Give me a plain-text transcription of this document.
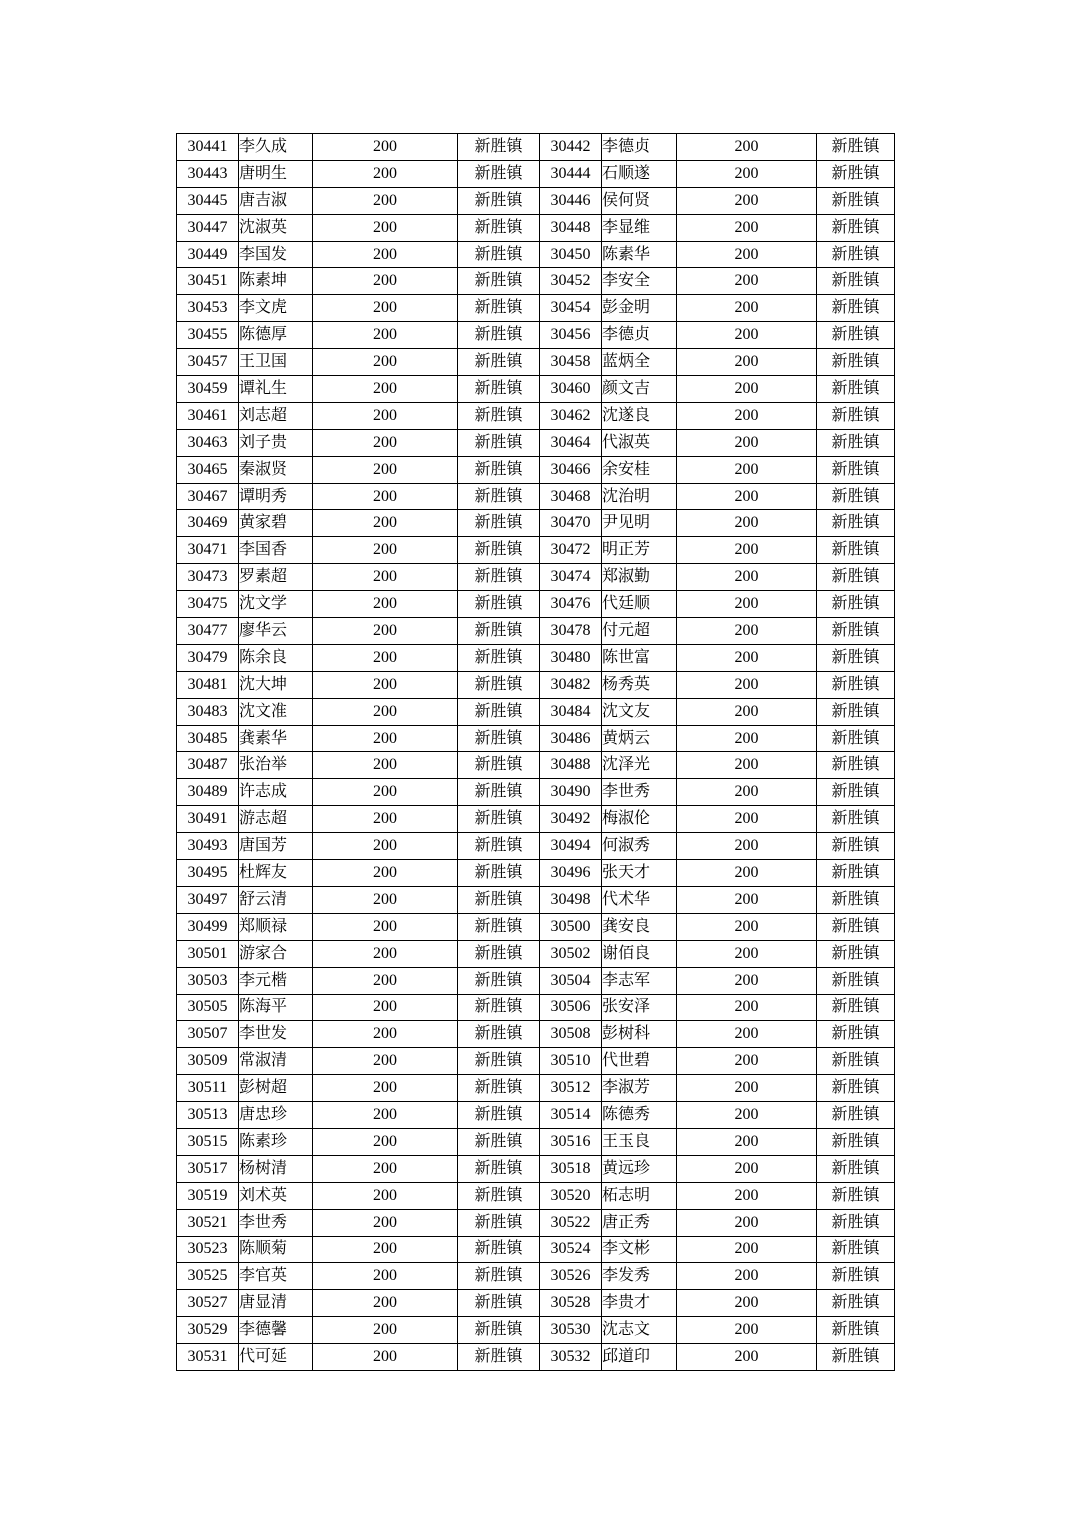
30441	李久成	200	新胜镇	30442	李德贞	200	新胜镇
30443	唐明生	200	新胜镇	30444	石顺遂	200	新胜镇
30445	唐吉淑	200	新胜镇	30446	侯何贤	200	新胜镇
30447	沈淑英	200	新胜镇	30448	李显维	200	新胜镇
30449	李国发	200	新胜镇	30450	陈素华	200	新胜镇
30451	陈素坤	200	新胜镇	30452	李安全	200	新胜镇
30453	李文虎	200	新胜镇	30454	彭金明	200	新胜镇
30455	陈德厚	200	新胜镇	30456	李德贞	200	新胜镇
30457	王卫国	200	新胜镇	30458	蓝炳全	200	新胜镇
30459	谭礼生	200	新胜镇	30460	颜文吉	200	新胜镇
30461	刘志超	200	新胜镇	30462	沈遂良	200	新胜镇
30463	刘子贵	200	新胜镇	30464	代淑英	200	新胜镇
30465	秦淑贤	200	新胜镇	30466	余安桂	200	新胜镇
30467	谭明秀	200	新胜镇	30468	沈治明	200	新胜镇
30469	黄家碧	200	新胜镇	30470	尹见明	200	新胜镇
30471	李国香	200	新胜镇	30472	明正芳	200	新胜镇
30473	罗素超	200	新胜镇	30474	郑淑勤	200	新胜镇
30475	沈文学	200	新胜镇	30476	代廷顺	200	新胜镇
30477	廖华云	200	新胜镇	30478	付元超	200	新胜镇
30479	陈余良	200	新胜镇	30480	陈世富	200	新胜镇
30481	沈大坤	200	新胜镇	30482	杨秀英	200	新胜镇
30483	沈文准	200	新胜镇	30484	沈文友	200	新胜镇
30485	龚素华	200	新胜镇	30486	黄炳云	200	新胜镇
30487	张治举	200	新胜镇	30488	沈泽光	200	新胜镇
30489	许志成	200	新胜镇	30490	李世秀	200	新胜镇
30491	游志超	200	新胜镇	30492	梅淑伦	200	新胜镇
30493	唐国芳	200	新胜镇	30494	何淑秀	200	新胜镇
30495	杜辉友	200	新胜镇	30496	张天才	200	新胜镇
30497	舒云清	200	新胜镇	30498	代术华	200	新胜镇
30499	郑顺禄	200	新胜镇	30500	龚安良	200	新胜镇
30501	游家合	200	新胜镇	30502	谢佰良	200	新胜镇
30503	李元楷	200	新胜镇	30504	李志军	200	新胜镇
30505	陈海平	200	新胜镇	30506	张安泽	200	新胜镇
30507	李世发	200	新胜镇	30508	彭树科	200	新胜镇
30509	常淑清	200	新胜镇	30510	代世碧	200	新胜镇
30511	彭树超	200	新胜镇	30512	李淑芳	200	新胜镇
30513	唐忠珍	200	新胜镇	30514	陈德秀	200	新胜镇
30515	陈素珍	200	新胜镇	30516	王玉良	200	新胜镇
30517	杨树清	200	新胜镇	30518	黄远珍	200	新胜镇
30519	刘术英	200	新胜镇	30520	柘志明	200	新胜镇
30521	李世秀	200	新胜镇	30522	唐正秀	200	新胜镇
30523	陈顺菊	200	新胜镇	30524	李文彬	200	新胜镇
30525	李官英	200	新胜镇	30526	李发秀	200	新胜镇
30527	唐显清	200	新胜镇	30528	李贵才	200	新胜镇
30529	李德馨	200	新胜镇	30530	沈志文	200	新胜镇
30531	代可延	200	新胜镇	30532	邱道印	200	新胜镇
